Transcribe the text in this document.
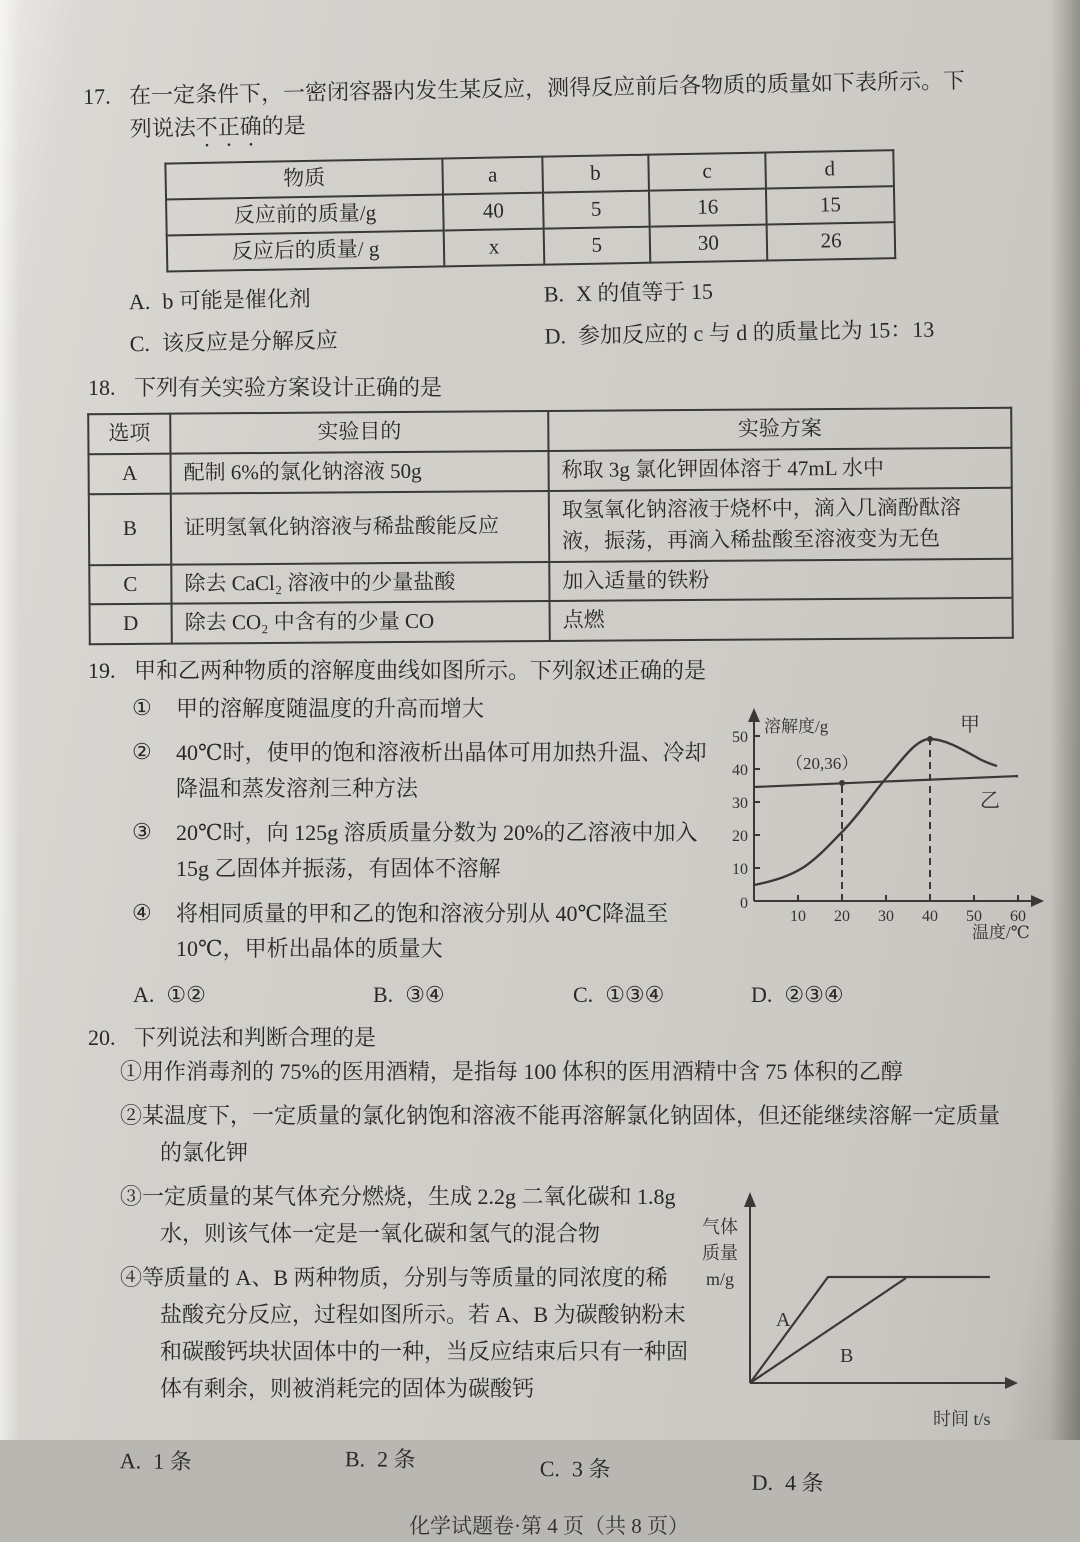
17. 在一定条件下，一密闭容器内发生某反应，测得反应前后各物质的质量如下表所示。下
列说法不正确的是
物质	a	b	c	d
反应前的质量/g	40	5	16	15
反应后的质量/ g	x	5	30	26
A. b 可能是催化剂	B. X 的值等于 15
C. 该反应是分解反应	D. 参加反应的 c 与 d 的质量比为 15：13
18. 下列有关实验方案设计正确的是
选项	实验目的	实验方案
A	配制 6%的氯化钠溶液 50g	称取 3g 氯化钾固体溶于 47mL 水中
B	证明氢氧化钠溶液与稀盐酸能反应	取氢氧化钠溶液于烧杯中，滴入几滴酚酞溶液，振荡，再滴入稀盐酸至溶液变为无色
C	除去 CaCl₂ 溶液中的少量盐酸	加入适量的铁粉
D	除去 CO₂ 中含有的少量 CO	点燃
19. 甲和乙两种物质的溶解度曲线如图所示。下列叙述正确的是
①	甲的溶解度随温度的升高而增大
②	40℃时，使甲的饱和溶液析出晶体可用加热升温、冷却降温和蒸发溶剂三种方法
③	20℃时，向 125g 溶质质量分数为 20%的乙溶液中加入 15g 乙固体并振荡，有固体不溶解
④	将相同质量的甲和乙的饱和溶液分别从 40℃降温至 10℃，甲析出晶体的质量大
溶解度/g
温度/℃
（20,36）
甲
乙
50
40
30
20
10
0
10 20 30 40 50 60
A. ①②	B. ③④	C. ①③④	D. ②③④
20. 下列说法和判断合理的是
①用作消毒剂的 75%的医用酒精，是指每 100 体积的医用酒精中含 75 体积的乙醇
②某温度下，一定质量的氯化钠饱和溶液不能再溶解氯化钠固体，但还能继续溶解一定质量的氯化钾
③一定质量的某气体充分燃烧，生成 2.2g 二氧化碳和 1.8g 水，则该气体一定是一氧化碳和氢气的混合物
④等质量的 A、B 两种物质，分别与等质量的同浓度的稀盐酸充分反应，过程如图所示。若 A、B 为碳酸钠粉末和碳酸钙块状固体中的一种，当反应结束后只有一种固体有剩余，则被消耗完的固体为碳酸钙
A
B
气体
质量
m/g
时间 t/s
A. 1 条	B. 2 条	C. 3 条
D. 4 条
化学试题卷·第 4 页（共 8 页）
